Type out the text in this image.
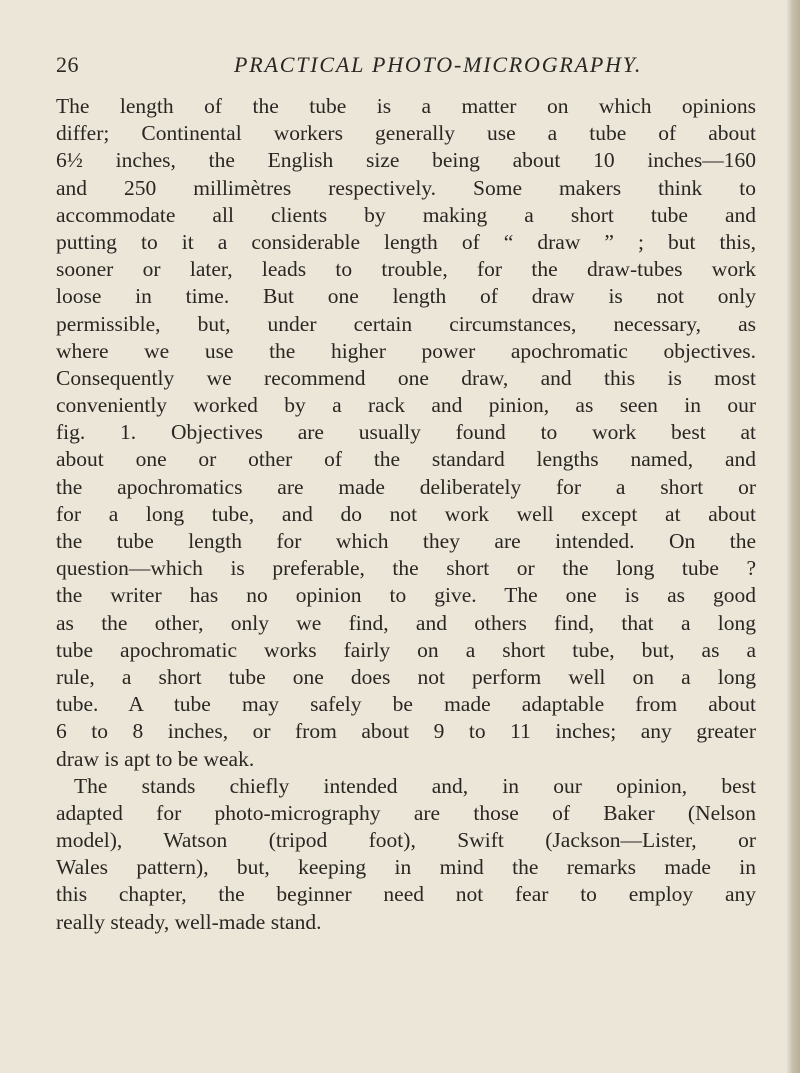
26	PRACTICAL PHOTO-MICROGRAPHY.
The length of the tube is a matter on which opinions
differ; Continental workers generally use a tube of about
6½ inches, the English size being about 10 inches—160
and 250 millimètres respectively. Some makers think to
accommodate all clients by making a short tube and
putting to it a considerable length of “ draw ” ; but this,
sooner or later, leads to trouble, for the draw-tubes work
loose in time. But one length of draw is not only
permissible, but, under certain circumstances, necessary, as
where we use the higher power apochromatic objectives.
Consequently we recommend one draw, and this is most
conveniently worked by a rack and pinion, as seen in our
fig. 1. Objectives are usually found to work best at
about one or other of the standard lengths named, and
the apochromatics are made deliberately for a short or
for a long tube, and do not work well except at about
the tube length for which they are intended. On the
question—which is preferable, the short or the long tube ?
the writer has no opinion to give. The one is as good
as the other, only we find, and others find, that a long
tube apochromatic works fairly on a short tube, but, as a
rule, a short tube one does not perform well on a long
tube. A tube may safely be made adaptable from about
6 to 8 inches, or from about 9 to 11 inches; any greater
draw is apt to be weak.
The stands chiefly intended and, in our opinion, best
adapted for photo-micrography are those of Baker (Nelson
model), Watson (tripod foot), Swift (Jackson—Lister, or
Wales pattern), but, keeping in mind the remarks made in
this chapter, the beginner need not fear to employ any
really steady, well-made stand.
